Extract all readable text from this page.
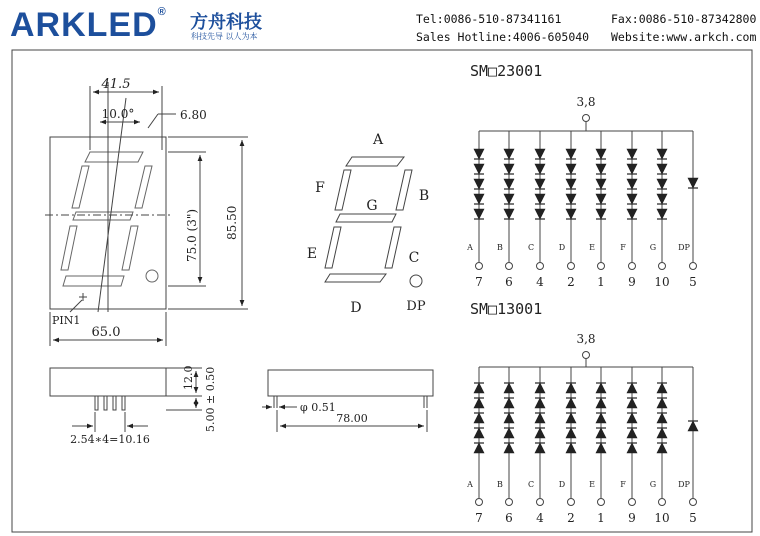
ARKLED® 方舟科技
科技先导 以人为本
Tel:0086-510-87341161	Fax:0086-510-87342800
Sales Hotline:4006-605040 Website:www.arkch.com
41.5
10.0°	6.80
75.0 (3") 85.50
65.0
PIN1
A
B
C
D
E
F
G
DP
12.0 5.00 ± 0.50
2.54∗4=10.16
φ 0.51
78.00
SM□23001
3,8
A
7
B
6
C
4
D
2
E
1
F
9
G
10
DP
5
SM□13001
3,8
A
7
B
6
C
4
D
2
E
1
F
9
G
10
DP
5
